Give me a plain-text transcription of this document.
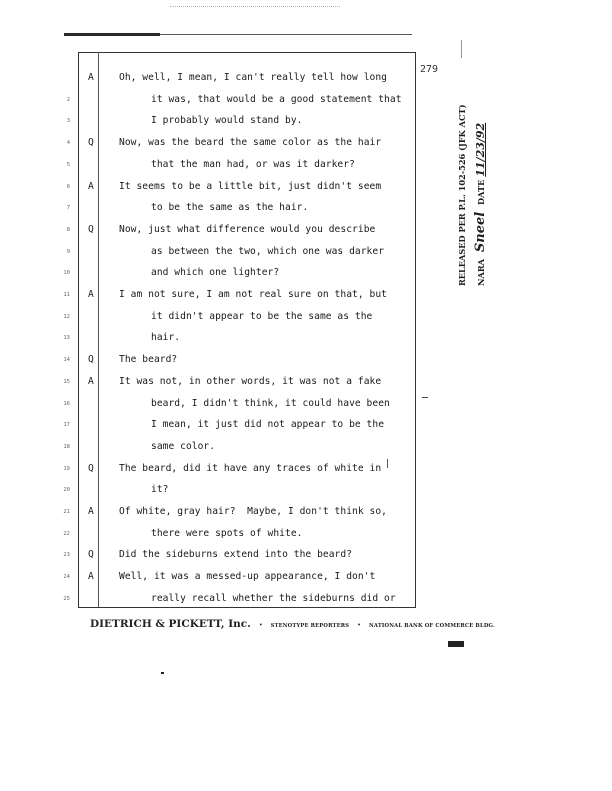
279
A	Oh, well, I mean, I can't really tell how long
2	it was, that would be a good statement that
3	I probably would stand by.
4 Q	Now, was the beard the same color as the hair
5	that the man had, or was it darker?
6 A	It seems to be a little bit, just didn't seem
7	to be the same as the hair.
8 Q	Now, just what difference would you describe
9	as between the two, which one was darker
10	and which one lighter?
11 A	I am not sure, I am not real sure on that, but
12	it didn't appear to be the same as the
13	hair.
14 Q	The beard?
15 A	It was not, in other words, it was not a fake
16	beard, I didn't think, it could have been
17	I mean, it just did not appear to be the
18	same color.
19 Q	The beard, did it have any traces of white in
20	it?
21 A	Of white, gray hair?  Maybe, I don't think so,
22	there were spots of white.
23 Q	Did the sideburns extend into the beard?
24 A	Well, it was a messed-up appearance, I don't
25	really recall whether the sideburns did or
DIETRICH & PICKETT, Inc. • STENOTYPE REPORTERS • NATIONAL BANK OF COMMERCE BLDG.
RELEASED PER P.L. 102-526 (JFK ACT)	NARA Sneel DATE 11/23/92
